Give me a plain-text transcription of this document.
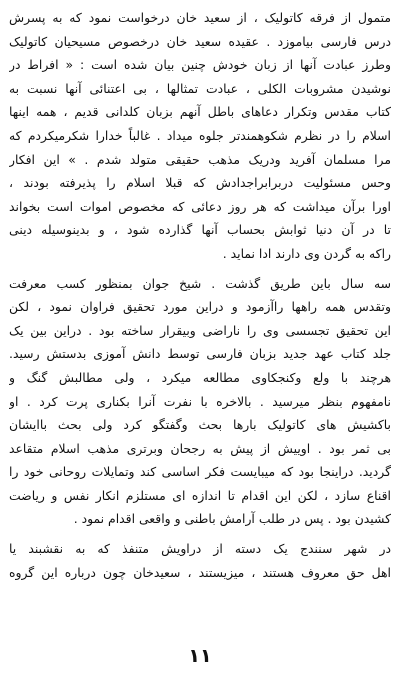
متمول از فرقه کاتولیک ، از سعید خان درخواست نمود که به پسرش
درس فارسی بیاموزد . عقیده سعید خان درخصوص مسیحیان کاتولیک
وطرز عبادت آنها از زبان خودش چنین بیان شده است : « افراط در
نوشیدن مشروبات الکلی ، عبادت تمثالها ، بی اعتنائی آنها نسبت به
کتاب مقدس وتکرار دعاهای باطل آنهم بزبان کلدانی قدیم ، همه اینها
اسلام را در نظرم شکوهمندتر جلوه میداد . غالباً خدارا شکرمیکردم که
مرا مسلمان آفرید ودریک مذهب حقیقی متولد شدم . » این افکار
وحس مسئولیت دربرابراجدادش که قبلا اسلام را پذیرفته بودند ،
اورا برآن میداشت که هر روز دعائی که مخصوص اموات است بخواند
تا در آن دنیا ثوابش بحساب آنها گذارده شود ، و بدینوسیله دینی
راکه به گردن وی دارند ادا نماید .
سه سال باین طریق گذشت . شیخ جوان بمنظور کسب معرفت
وتقدس همه راهها راآزمود و دراین مورد تحقیق فراوان نمود ، لکن
این تحقیق تجسسی وی را ناراضی وبیقرار ساخته بود . دراین بین یک
جلد کتاب عهد جدید بزبان فارسی توسط دانش آموزی بدستش رسید.
هرچند با ولع وکنجکاوی مطالعه میکرد ، ولی مطالبش گنگ و
نامفهوم بنظر میرسید . بالاخره با نفرت آنرا بکناری پرت کرد . او
باکشیش های کاتولیک بارها بحث وگفتگو کرد ولی بحث باایشان
بی ثمر بود . اوییش از پیش به رجحان وبرتری مذهب اسلام متقاعد
گردید. دراینجا بود که میبایست فکر اساسی کند وتمایلات روحانی خود را
اقناع سازد ، لکن این اقدام تا اندازه ای مستلزم انکار نفس و ریاضت
کشیدن بود . پس در طلب آرامش باطنی و واقعی اقدام نمود .
در شهر سنندج یک دسته از دراویش متنفذ که به نقشبند یا
اهل حق معروف هستند ، میزیستند ، سعیدخان چون درباره این گروه
۱۱
